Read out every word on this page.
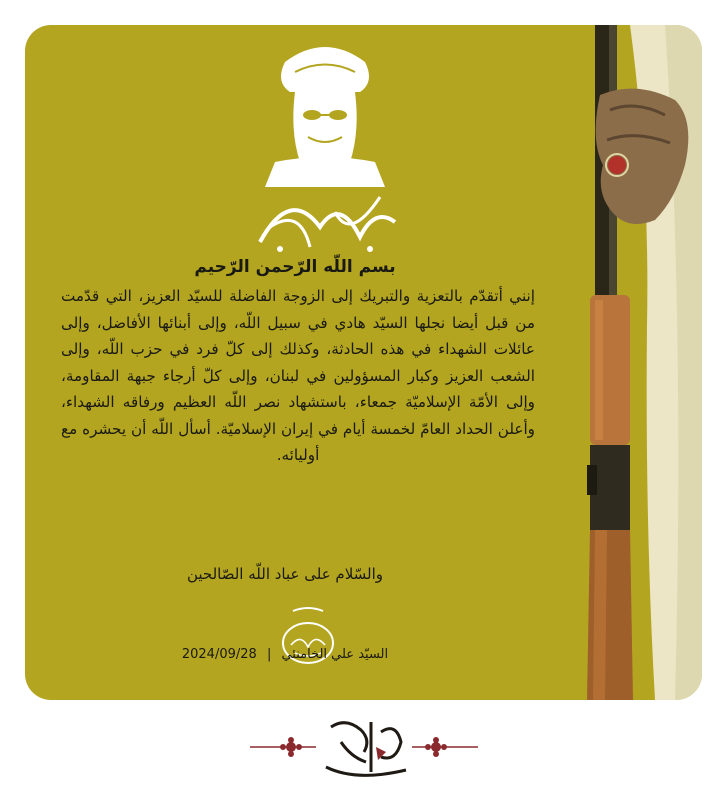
بسم اللّه الرّحمن الرّحيم

إنني أتقدّم بالتعزية والتبريك إلى الزوجة الفاضلة للسيّد العزيز، التي قدّمت من قبل أيضا نجلها السيّد هادي في سبيل اللّه، وإلى أبنائها الأفاضل، وإلى عائلات الشهداء في هذه الحادثة، وكذلك إلى كلّ فرد في حزب اللّه، وإلى الشعب العزيز وكبار المسؤولين في لبنان، وإلى كلّ أرجاء جبهة المقاومة، وإلى الأمّة الإسلاميّة جمعاء، باستشهاد نصر اللّه العظيم ورفاقه الشهداء، وأعلن الحداد العامّ لخمسة أيام في إيران الإسلاميّة. أسأل اللّه أن يحشره مع أوليائه.

والسّلام على عباد اللّه الصّالحين
2024/09/28 | السيّد علي الخامنئي
